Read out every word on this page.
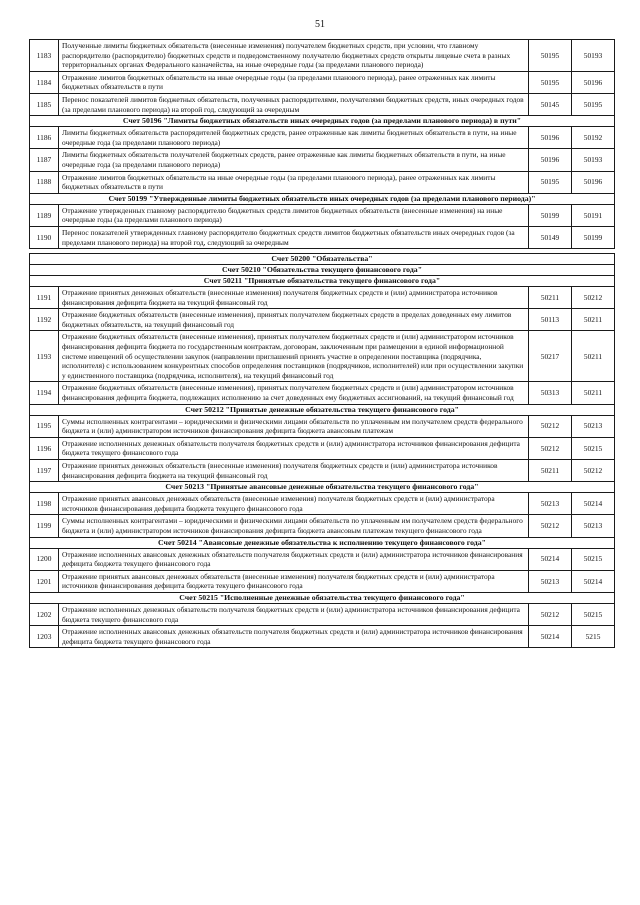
51
1183	Полученные лимиты бюджетных обязательств (внесенные изменения) получателем бюджетных средств, при условии, что главному распорядителю (распорядителю) бюджетных средств и подведомственному получателю бюджетных средств открыты лицевые счета в разных территориальных органах Федерального казначейства, на иные очередные годы (за пределами планового периода)	50195	50193
1184	Отражение лимитов бюджетных обязательств на иные очередные годы (за пределами планового периода), ранее отраженных как лимиты бюджетных обязательств в пути	50195	50196
1185	Перенос показателей лимитов бюджетных обязательств, полученных распорядителями, получателями бюджетных средств, иных очередных годов (за пределами планового периода) на второй год, следующий за очередным	50145	50195
Счет 50196 "Лимиты бюджетных обязательств иных очередных годов (за пределами планового периода) в пути"			
1186	Лимиты бюджетных обязательств распорядителей бюджетных средств, ранее отраженные как лимиты бюджетных обязательств в пути, на иные очередные года (за пределами планового периода)	50196	50192
1187	Лимиты бюджетных обязательств получателей бюджетных средств, ранее отраженные как лимиты бюджетных обязательств в пути, на иные очередные года (за пределами планового периода)	50196	50193
1188	Отражение лимитов бюджетных обязательств на иные очередные годы (за пределами планового периода), ранее отраженных как лимиты бюджетных обязательств в пути	50195	50196
Счет 50199 "Утвержденные лимиты бюджетных обязательств иных очередных годов (за пределами планового периода)"			
1189	Отражение утвержденных главному распорядителю бюджетных средств лимитов бюджетных обязательств (внесенные изменения) на иные очередные годы (за пределами планового периода)	50199	50191
1190	Перенос показателей утвержденных главному распорядителю бюджетных средств лимитов бюджетных обязательств иных очередных годов (за пределами планового периода) на второй год, следующий за очередным	50149	50199

Счет 50200 "Обязательства"			
Счет 50210 "Обязательства текущего финансового года"			
Счет 50211 "Принятые обязательства текущего финансового года"			
1191	Отражение принятых денежных обязательств (внесенные изменения) получателя бюджетных средств и (или) администратора источников финансирования дефицита бюджета на текущий финансовый год	50211	50212
1192	Отражение бюджетных обязательств (внесенные изменения), принятых получателем бюджетных средств в пределах доведенных ему лимитов бюджетных обязательств, на текущий финансовый год	50113	50211
1193	Отражение бюджетных обязательств (внесенные изменения), принятых получателем бюджетных средств и (или) администратором источников финансирования дефицита бюджета по государственным контрактам, договорам, заключенным при размещении в единой информационной системе извещений об осуществлении закупок (направлении приглашений принять участие в определении поставщика (подрядчика, исполнителя) с использованием конкурентных способов определения поставщиков (подрядчиков, исполнителей) или при осуществлении закупки у единственного поставщика (подрядчика, исполнителя), на текущий финансовый год	50217	50211
1194	Отражение бюджетных обязательств (внесенные изменения), принятых получателем бюджетных средств и (или) администратором источников финансирования дефицита бюджета, подлежащих исполнению за счет доведенных ему бюджетных ассигнований, на текущий финансовый год	50313	50211
Счет 50212 "Принятые денежные обязательства текущего финансового года"			
1195	Суммы исполненных контрагентами – юридическими и физическими лицами обязательств по уплаченным им получателем средств федерального бюджета и (или) администратором источников финансирования дефицита бюджета авансовым платежам	50212	50213
1196	Отражение исполненных денежных обязательств получателя бюджетных средств и (или) администратора источников финансирования дефицита бюджета текущего финансового года	50212	50215
1197	Отражение принятых денежных обязательств (внесенные изменения) получателя бюджетных средств и (или) администратора источников финансирования дефицита бюджета на текущий финансовый год	50211	50212
Счет 50213 "Принятые авансовые денежные обязательства текущего финансового года"			
1198	Отражение принятых авансовых денежных обязательств (внесенные изменения) получателя бюджетных средств и (или) администратора источников финансирования дефицита бюджета текущего финансового года	50213	50214
1199	Суммы исполненных контрагентами – юридическими и физическими лицами обязательств по уплаченным им получателем средств федерального бюджета и (или) администратором источников финансирования дефицита бюджета авансовым платежам текущего финансового года	50212	50213
Счет 50214 "Авансовые денежные обязательства к исполнению текущего финансового года"			
1200	Отражение исполненных авансовых денежных обязательств получателя бюджетных средств и (или) администратора источников финансирования дефицита бюджета текущего финансового года	50214	50215
1201	Отражение принятых авансовых денежных обязательств (внесенные изменения) получателя бюджетных средств и (или) администратора источников финансирования дефицита бюджета текущего финансового года	50213	50214
Счет 50215 "Исполненные денежные обязательства текущего финансового года"			
1202	Отражение исполненных денежных обязательств получателя бюджетных средств и (или) администратора источников финансирования дефицита бюджета текущего финансового года	50212	50215
1203	Отражение исполненных авансовых денежных обязательств получателя бюджетных средств и (или) администратора источников финансирования дефицита бюджета текущего финансового года	50214	5215
